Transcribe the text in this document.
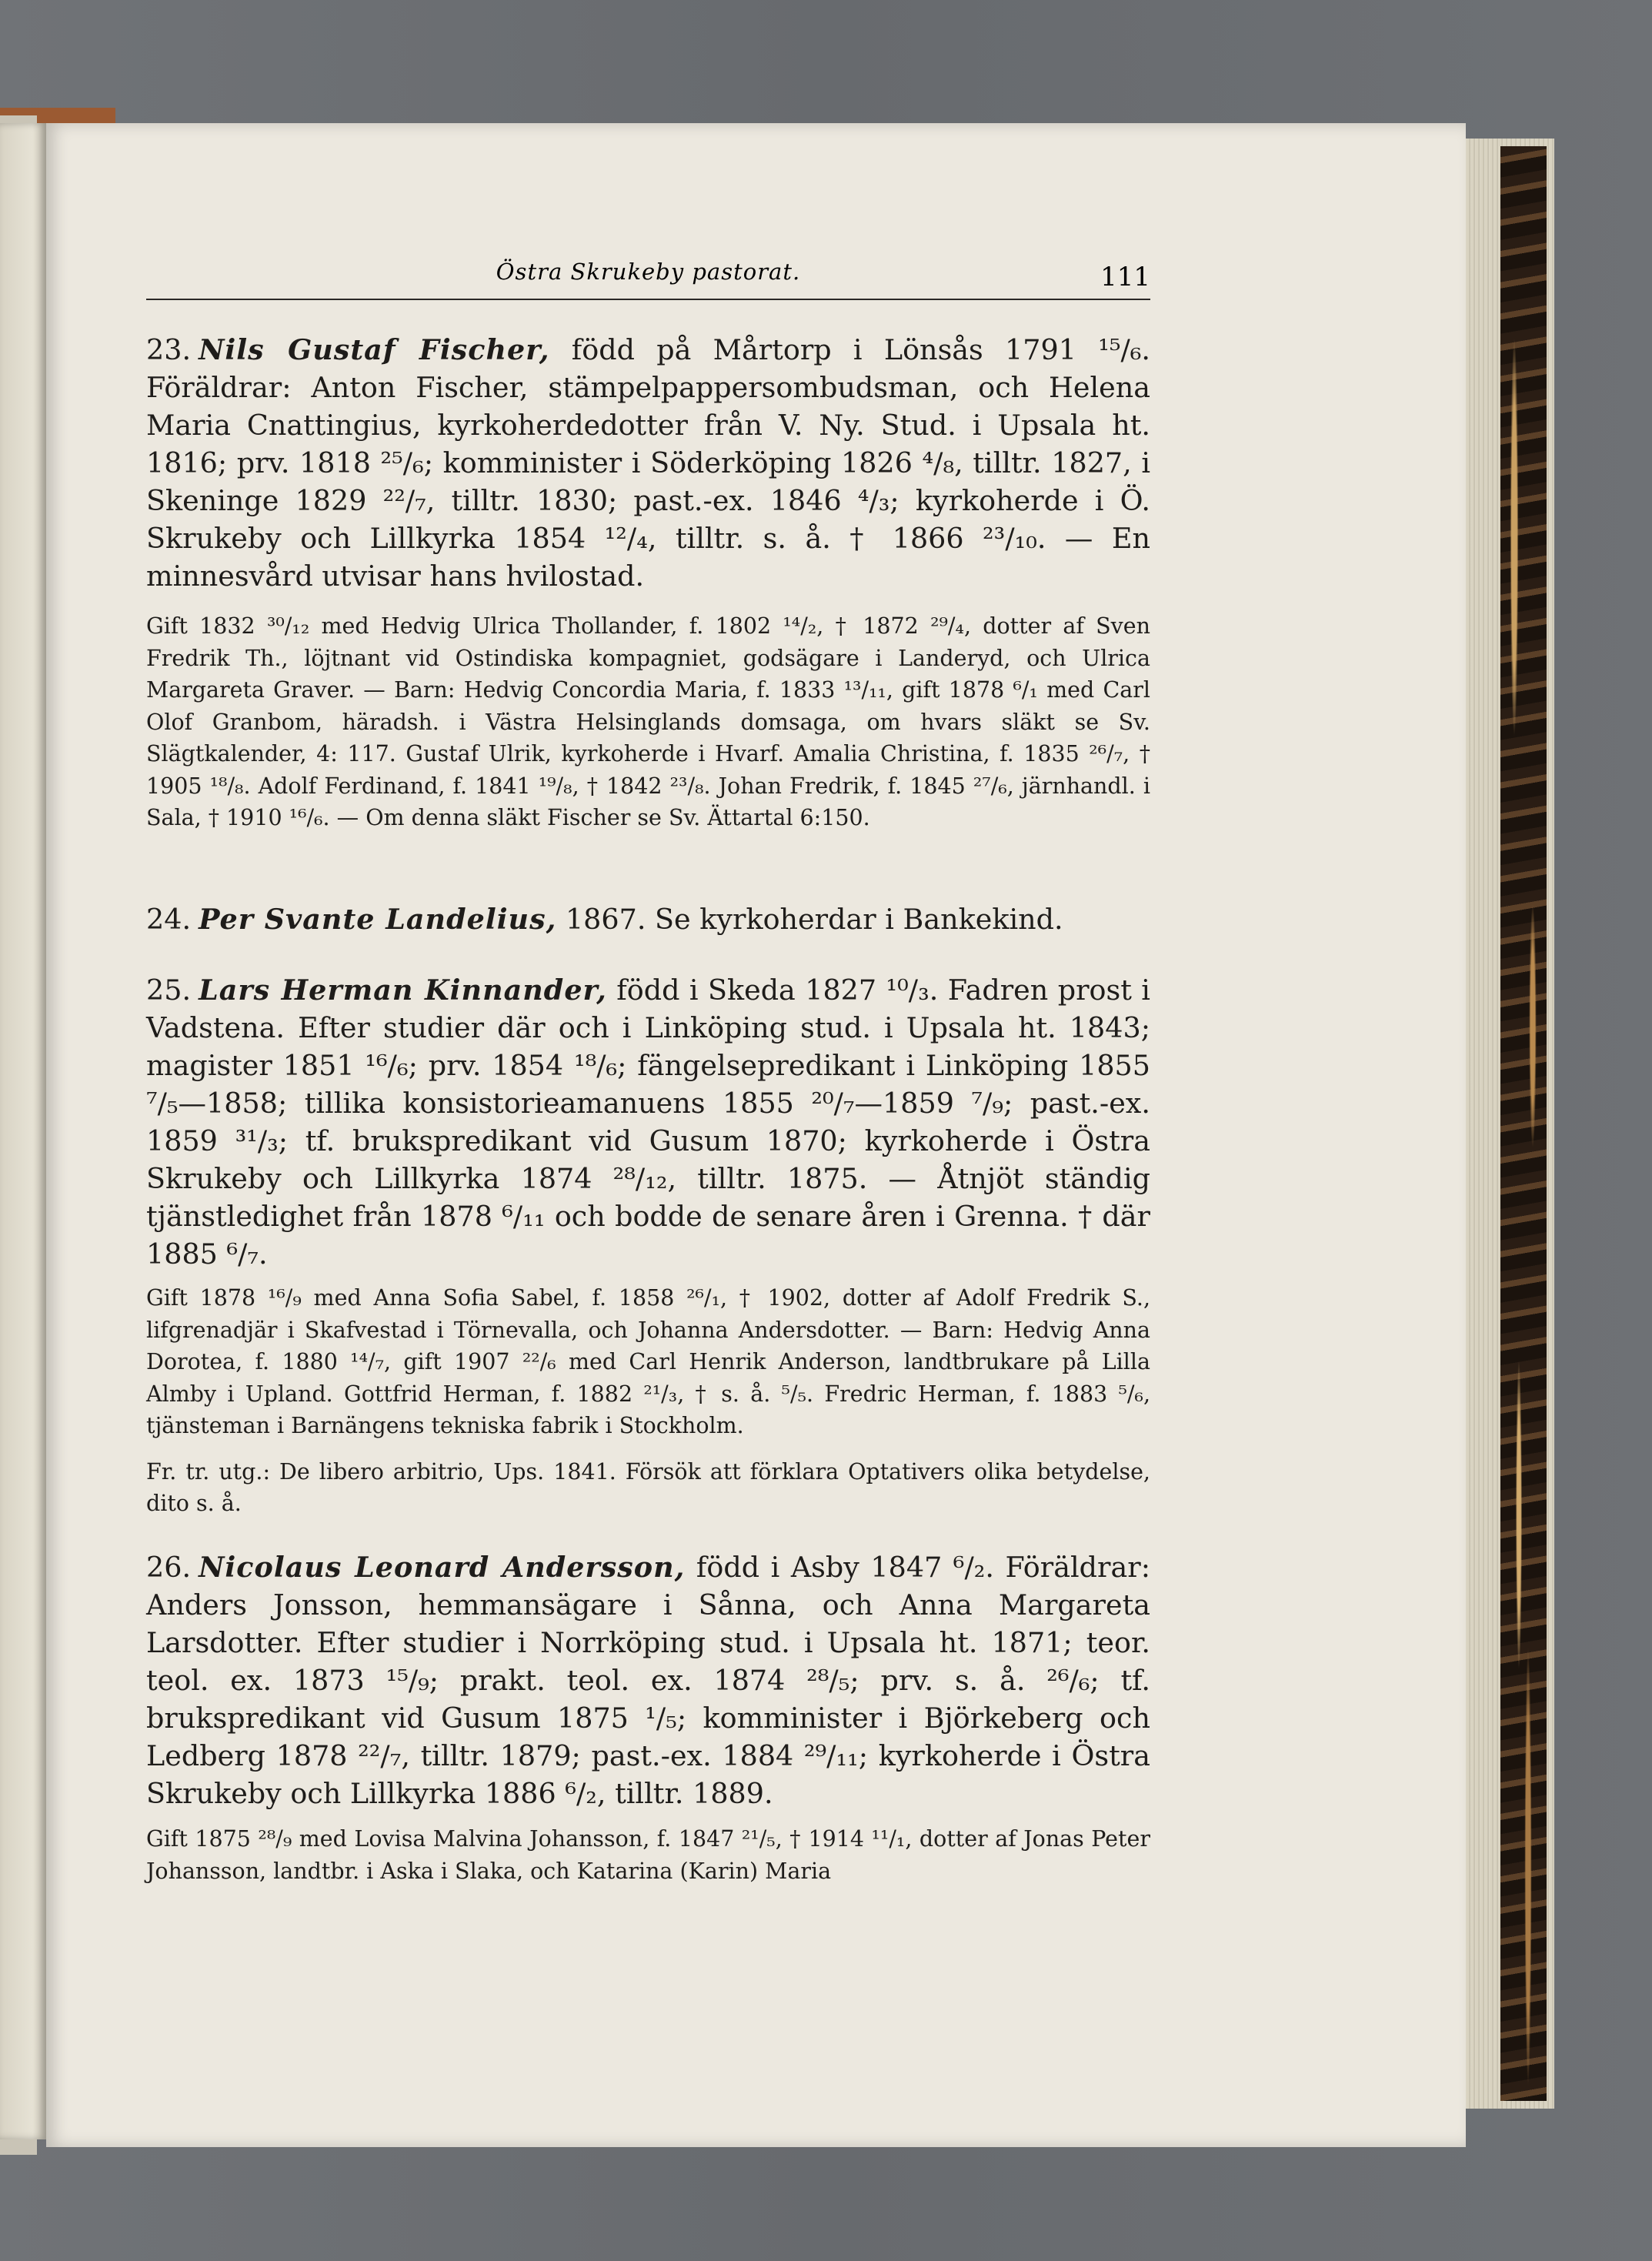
Östra Skrukeby pastorat.	111

23. Nils Gustaf Fischer, född på Mårtorp i Lönsås 1791 ¹⁵/₆. Föräldrar: Anton Fischer, stämpelpappersombudsman, och Helena Maria Cnattingius, kyrkoherdedotter från V. Ny. Stud. i Upsala ht. 1816; prv. 1818 ²⁵/₆; komminister i Söderköping 1826 ⁴/₈, tilltr. 1827, i Skeninge 1829 ²²/₇, tilltr. 1830; past.-ex. 1846 ⁴/₃; kyrkoherde i Ö. Skrukeby och Lillkyrka 1854 ¹²/₄, tilltr. s. å. † 1866 ²³/₁₀. — En minnesvård utvisar hans hvilostad.

Gift 1832 ³⁰/₁₂ med Hedvig Ulrica Thollander, f. 1802 ¹⁴/₂, † 1872 ²⁹/₄, dotter af Sven Fredrik Th., löjtnant vid Ostindiska kompagniet, godsägare i Landeryd, och Ulrica Margareta Graver. — Barn: Hedvig Concordia Maria, f. 1833 ¹³/₁₁, gift 1878 ⁶/₁ med Carl Olof Granbom, häradsh. i Västra Helsinglands domsaga, om hvars släkt se Sv. Slägtkalender, 4: 117. Gustaf Ulrik, kyrkoherde i Hvarf. Amalia Christina, f. 1835 ²⁶/₇, † 1905 ¹⁸/₈. Adolf Ferdinand, f. 1841 ¹⁹/₈, † 1842 ²³/₈. Johan Fredrik, f. 1845 ²⁷/₆, järnhandl. i Sala, † 1910 ¹⁶/₆. — Om denna släkt Fischer se Sv. Ättartal 6:150.

24. Per Svante Landelius, 1867. Se kyrkoherdar i Bankekind.

25. Lars Herman Kinnander, född i Skeda 1827 ¹⁰/₃. Fadren prost i Vadstena. Efter studier där och i Linköping stud. i Upsala ht. 1843; magister 1851 ¹⁶/₆; prv. 1854 ¹⁸/₆; fängelsepredikant i Linköping 1855 ⁷/₅—1858; tillika konsistorieamanuens 1855 ²⁰/₇—1859 ⁷/₉; past.-ex. 1859 ³¹/₃; tf. brukspredikant vid Gusum 1870; kyrkoherde i Östra Skrukeby och Lillkyrka 1874 ²⁸/₁₂, tilltr. 1875. — Åtnjöt ständig tjänstledighet från 1878 ⁶/₁₁ och bodde de senare åren i Grenna. † där 1885 ⁶/₇.

Gift 1878 ¹⁶/₉ med Anna Sofia Sabel, f. 1858 ²⁶/₁, † 1902, dotter af Adolf Fredrik S., lifgrenadjär i Skafvestad i Törnevalla, och Johanna Andersdotter. — Barn: Hedvig Anna Dorotea, f. 1880 ¹⁴/₇, gift 1907 ²²/₆ med Carl Henrik Anderson, landtbrukare på Lilla Almby i Upland. Gottfrid Herman, f. 1882 ²¹/₃, † s. å. ⁵/₅. Fredric Herman, f. 1883 ⁵/₆, tjänsteman i Barnängens tekniska fabrik i Stockholm.

Fr. tr. utg.: De libero arbitrio, Ups. 1841. Försök att förklara Optativers olika betydelse, dito s. å.

26. Nicolaus Leonard Andersson, född i Asby 1847 ⁶/₂. Föräldrar: Anders Jonsson, hemmansägare i Sånna, och Anna Margareta Larsdotter. Efter studier i Norrköping stud. i Upsala ht. 1871; teor. teol. ex. 1873 ¹⁵/₉; prakt. teol. ex. 1874 ²⁸/₅; prv. s. å. ²⁶/₆; tf. brukspredikant vid Gusum 1875 ¹/₅; komminister i Björkeberg och Ledberg 1878 ²²/₇, tilltr. 1879; past.-ex. 1884 ²⁹/₁₁; kyrkoherde i Östra Skrukeby och Lillkyrka 1886 ⁶/₂, tilltr. 1889.

Gift 1875 ²⁸/₉ med Lovisa Malvina Johansson, f. 1847 ²¹/₅, † 1914 ¹¹/₁, dotter af Jonas Peter Johansson, landtbr. i Aska i Slaka, och Katarina (Karin) Maria
